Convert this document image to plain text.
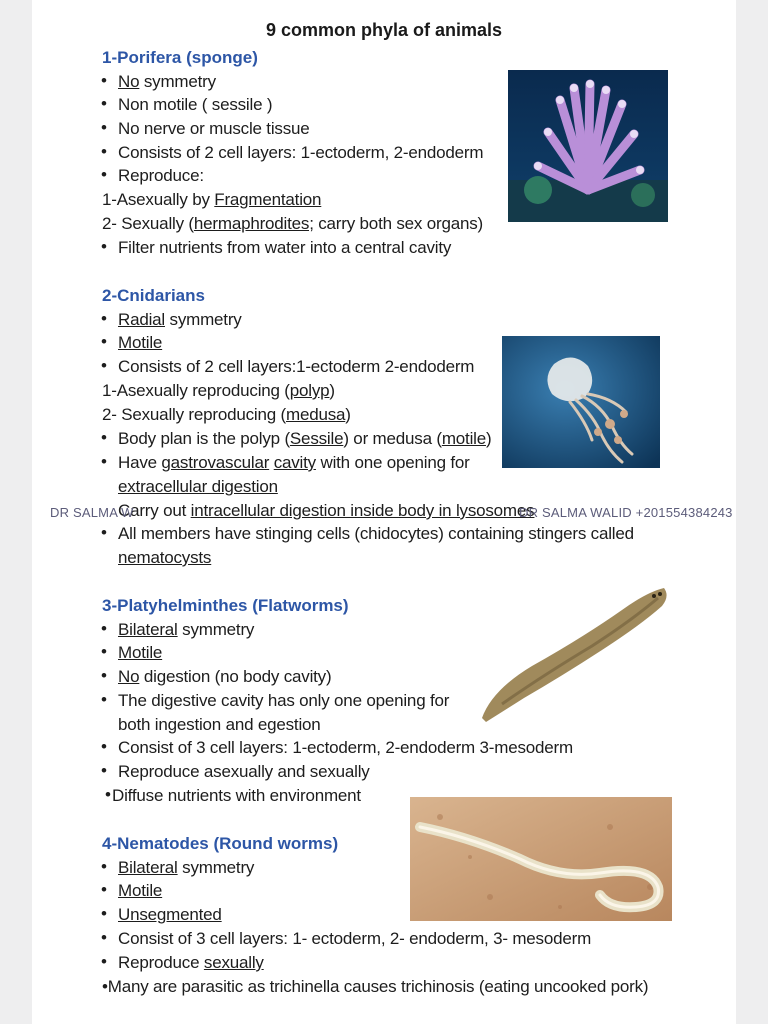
9 common phyla of animals
1-Porifera (sponge)
• No symmetry
• Non motile ( sessile )
• No nerve or muscle tissue
• Consists of 2 cell layers: 1-ectoderm, 2-endoderm
• Reproduce:
1-Asexually by Fragmentation
2- Sexually (hermaphrodites; carry both sex organs)
• Filter nutrients from water into a central cavity
2-Cnidarians
• Radial symmetry
• Motile
• Consists of 2 cell layers:1-ectoderm 2-endoderm
1-Asexually reproducing (polyp)
2- Sexually reproducing (medusa)
• Body plan is the polyp (Sessile) or medusa (motile)
• Have gastrovascular cavity with one opening for
extracellular digestion
Carry out intracellular digestion inside body in lysosomes
• All members have stinging cells (chidocytes) containing stingers called
nematocysts
DR SALMA W	DR SALMA WALID +201554384243
3-Platyhelminthes (Flatworms)
• Bilateral symmetry
• Motile
• No digestion (no body cavity)
• The digestive cavity has only one opening for
both ingestion and egestion
• Consist of 3 cell layers: 1-ectoderm, 2-endoderm 3-mesoderm
• Reproduce asexually and sexually
• Diffuse nutrients with environment
4-Nematodes (Round worms)
• Bilateral symmetry
• Motile
• Unsegmented
• Consist of 3 cell layers: 1- ectoderm, 2- endoderm, 3- mesoderm
• Reproduce sexually
•Many are parasitic as trichinella causes trichinosis (eating uncooked pork)
